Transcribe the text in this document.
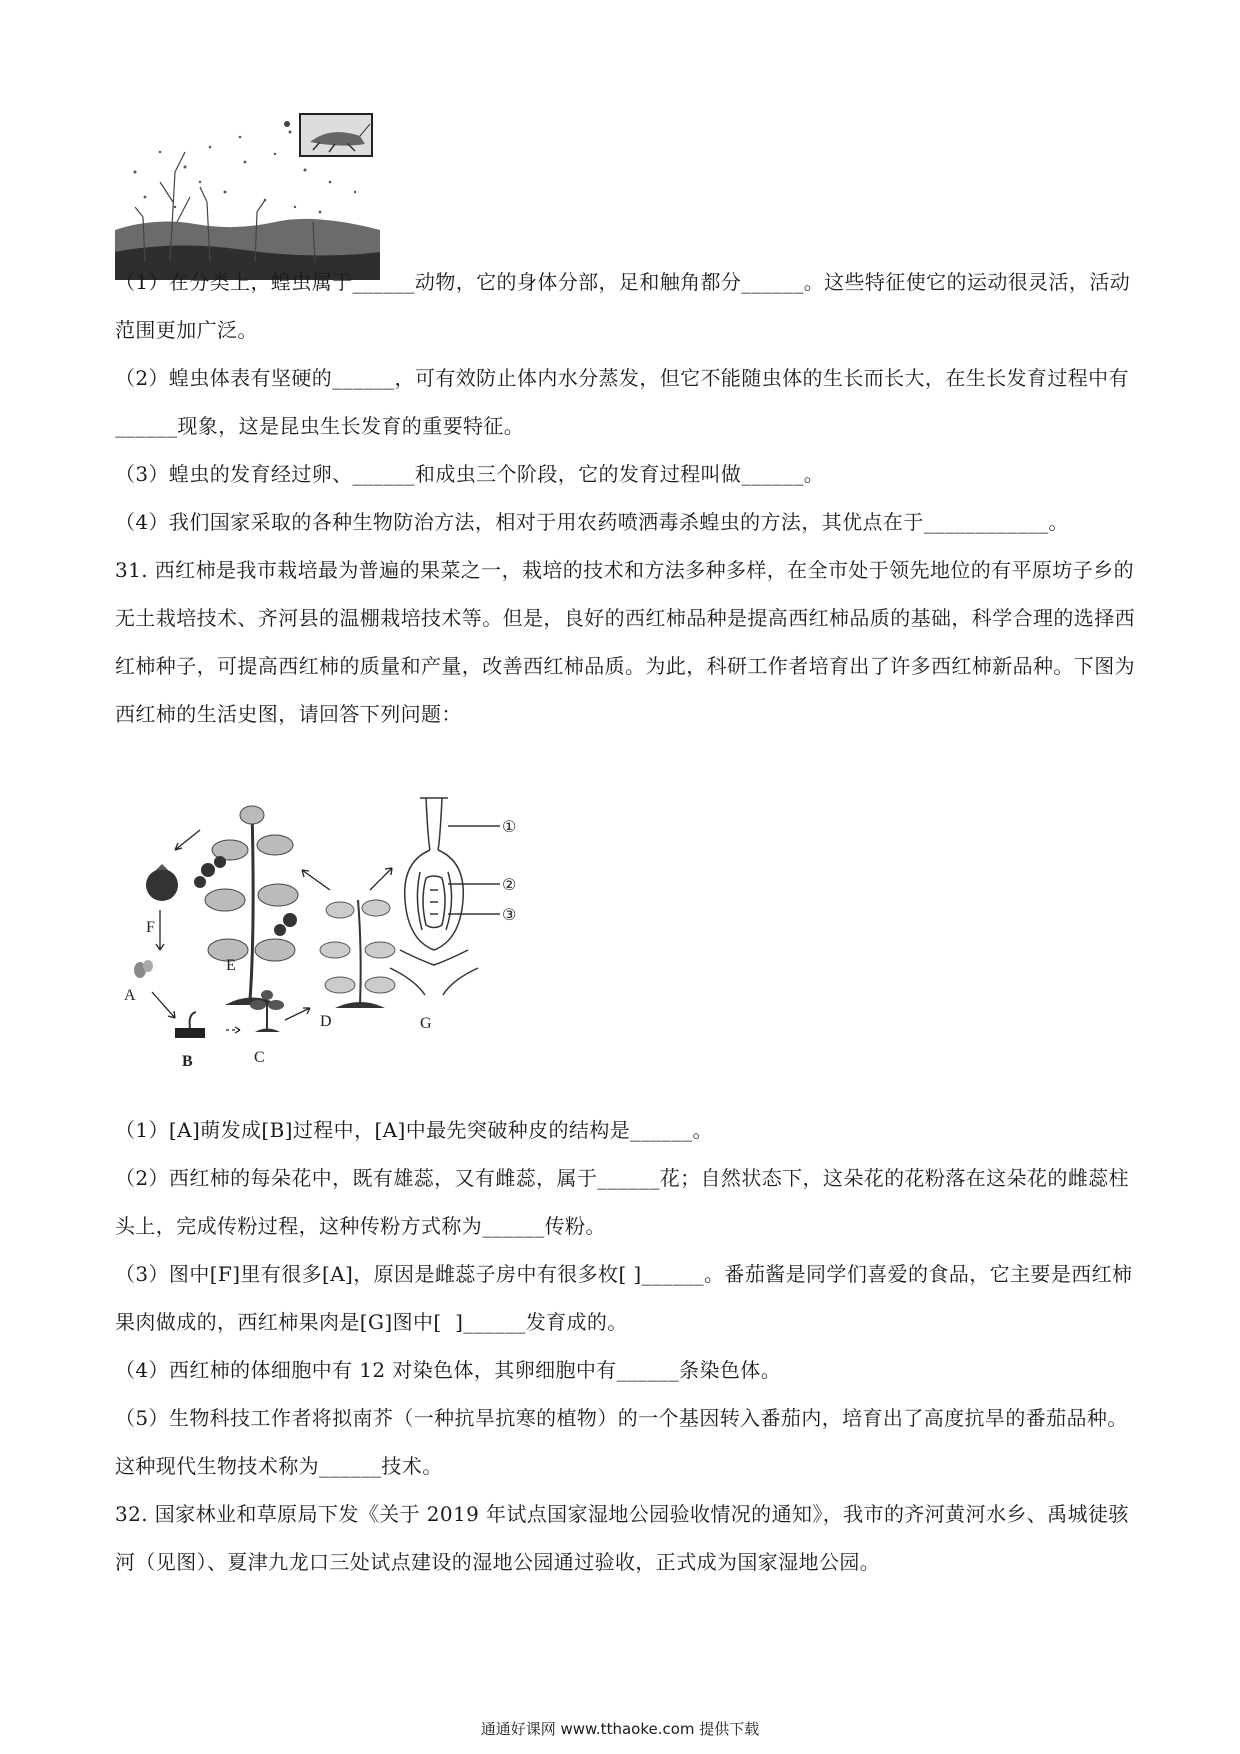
（1）在分类上，蝗虫属于______动物，它的身体分部，足和触角都分______。这些特征使它的运动很灵活，活动范围更加广泛。

（2）蝗虫体表有坚硬的______，可有效防止体内水分蒸发，但它不能随虫体的生长而长大，在生长发育过程中有______现象，这是昆虫生长发育的重要特征。

（3）蝗虫的发育经过卵、______和成虫三个阶段，它的发育过程叫做______。

（4）我们国家采取的各种生物防治方法，相对于用农药喷洒毒杀蝗虫的方法，其优点在于____________。

31. 西红柿是我市栽培最为普遍的果菜之一，栽培的技术和方法多种多样，在全市处于领先地位的有平原坊子乡的无土栽培技术、齐河县的温棚栽培技术等。但是，良好的西红柿品种是提高西红柿品质的基础，科学合理的选择西红柿种子，可提高西红柿的质量和产量，改善西红柿品质。为此，科研工作者培育出了许多西红柿新品种。下图为西红柿的生活史图，请回答下列问题：

F
A
B	C
D
E
G
①
②
③

（1）[A]萌发成[B]过程中，[A]中最先突破种皮的结构是______。

（2）西红柿的每朵花中，既有雄蕊，又有雌蕊，属于______花；自然状态下，这朵花的花粉落在这朵花的雌蕊柱头上，完成传粉过程，这种传粉方式称为______传粉。

（3）图中[F]里有很多[A]，原因是雌蕊子房中有很多枚[ ]______。番茄酱是同学们喜爱的食品，它主要是西红柿果肉做成的，西红柿果肉是[G]图中[  ]______发育成的。

（4）西红柿的体细胞中有 12 对染色体，其卵细胞中有______条染色体。

（5）生物科技工作者将拟南芥（一种抗旱抗寒的植物）的一个基因转入番茄内，培育出了高度抗旱的番茄品种。这种现代生物技术称为______技术。

32. 国家林业和草原局下发《关于 2019 年试点国家湿地公园验收情况的通知》，我市的齐河黄河水乡、禹城徒骇河（见图）、夏津九龙口三处试点建设的湿地公园通过验收，正式成为国家湿地公园。

通通好课网 www.tthaoke.com 提供下载
